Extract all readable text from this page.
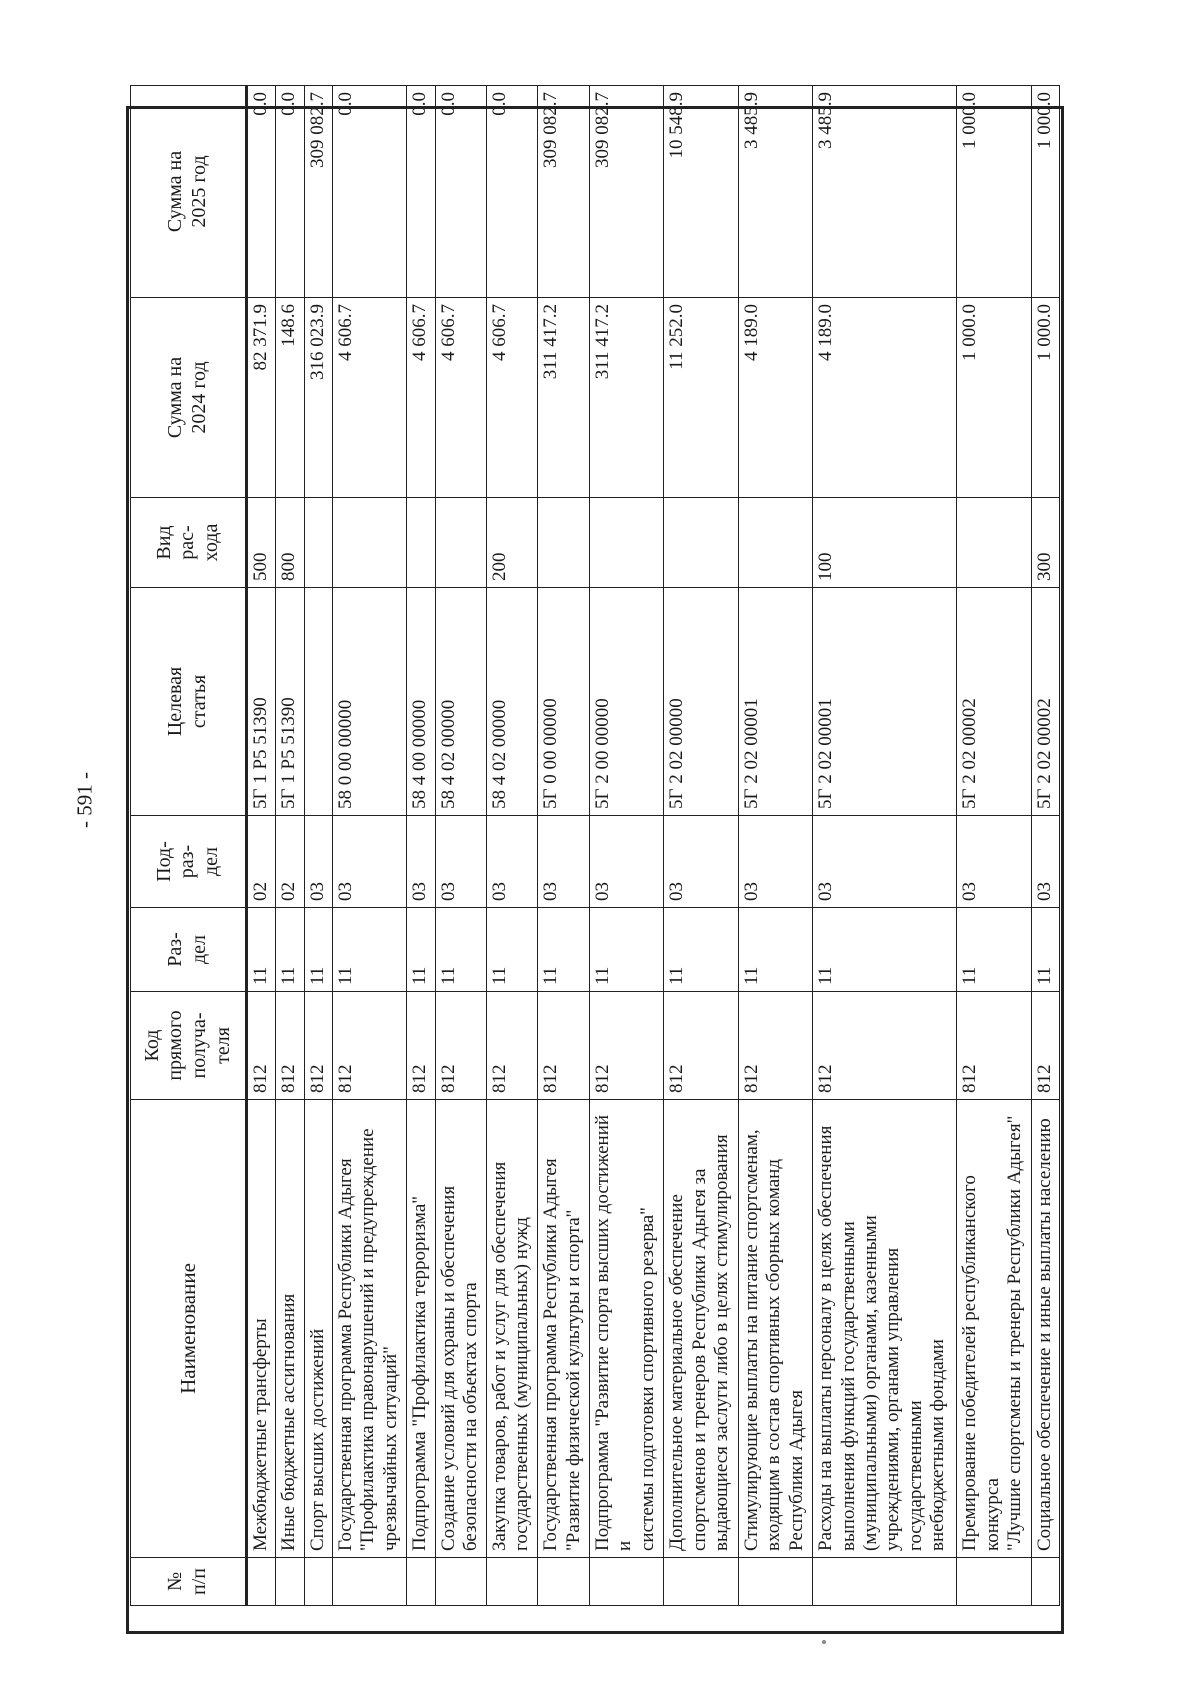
- 591 -
№
п/п	Наименование	Код
прямого
получа-
теля	Раз-
дел	Под-
раз-
дел	Целевая
статья	Вид
рас-
хода	Сумма на
2024 год	Сумма на
2025 год
	Межбюджетные трансферты	812	11	02	5Г 1 Р5 51390	500	82 371.9	0.0
	Иные бюджетные ассигнования	812	11	02	5Г 1 Р5 51390	800	148.6	0.0
	Спорт высших достижений	812	11	03			316 023.9	309 082.7
	Государственная программа Республики Адыгея
"Профилактика правонарушений и предупреждение
чрезвычайных ситуаций"	812	11	03	58 0 00 00000		4 606.7	0.0
	Подпрограмма "Профилактика терроризма"	812	11	03	58 4 00 00000		4 606.7	0.0
	Создание условий для охраны и обеспечения
безопасности на объектах спорта	812	11	03	58 4 02 00000		4 606.7	0.0
	Закупка товаров, работ и услуг для обеспечения
государственных (муниципальных) нужд	812	11	03	58 4 02 00000	200	4 606.7	0.0
	Государственная программа Республики Адыгея
"Развитие физической культуры и спорта"	812	11	03	5Г 0 00 00000		311 417.2	309 082.7
	Подпрограмма "Развитие спорта высших достижений и
системы подготовки спортивного резерва"	812	11	03	5Г 2 00 00000		311 417.2	309 082.7
	Дополнительное материальное обеспечение
спортсменов и тренеров Республики Адыгея за
выдающиеся заслуги либо в целях стимулирования	812	11	03	5Г 2 02 00000		11 252.0	10 548.9
	Стимулирующие выплаты на питание спортсменам,
входящим в состав спортивных сборных команд
Республики Адыгея	812	11	03	5Г 2 02 00001		4 189.0	3 485.9
	Расходы на выплаты персоналу в целях обеспечения
выполнения функций государственными
(муниципальными) органами, казенными
учреждениями, органами управления государственными
внебюджетными фондами	812	11	03	5Г 2 02 00001	100	4 189.0	3 485.9
	Премирование победителей республиканского конкурса
"Лучшие спортсмены и тренеры Республики Адыгея"	812	11	03	5Г 2 02 00002		1 000.0	1 000.0
	Социальное обеспечение и иные выплаты населению	812	11	03	5Г 2 02 00002	300	1 000.0	1 000.0
